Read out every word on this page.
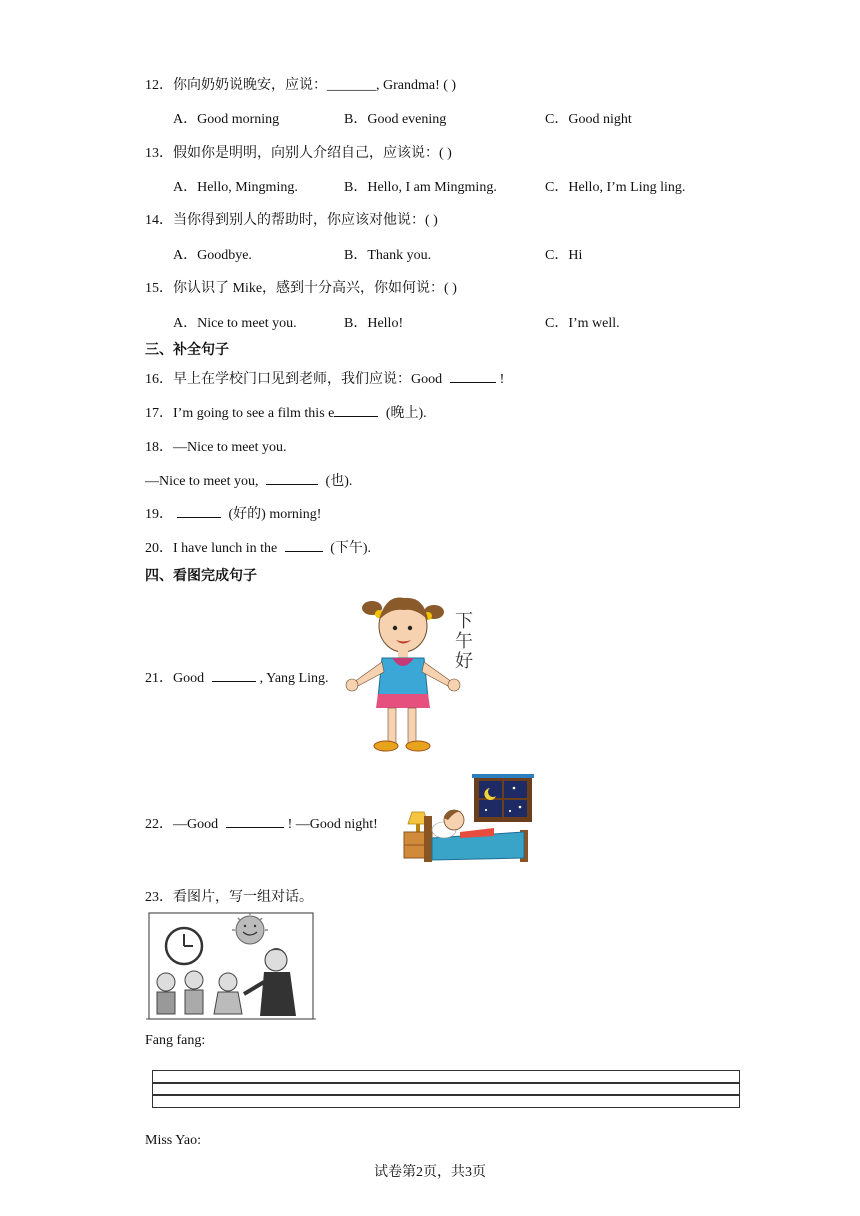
12．你向奶奶说晚安，应说：_______, Grandma! ( )
A．Good morning	B．Good evening	C．Good night
13．假如你是明明，向别人介绍自己，应该说：( )
A．Hello, Mingming.	B．Hello, I am Mingming.	C．Hello, I’m Ling ling.
14．当你得到别人的帮助时，你应该对他说：( )
A．Goodbye.	B．Thank you.	C．Hi
15．你认识了 Mike，感到十分高兴，你如何说：( )
A．Nice to meet you.	B．Hello!	C．I’m well.
三、补全句子
16．早上在学校门口见到老师，我们应说：Good	!
17．I’m going to see a film this e	(晚上).
18．—Nice to meet you.
—Nice to meet you,	(也).
19．	(好的) morning!
20．I have lunch in the	(下午).
四、看图完成句子
21．Good	, Yang Ling.
下
午
好
22．—Good	! —Good night!
23．看图片，写一组对话。
Fang fang:
Miss Yao:
试卷第2页，共3页
